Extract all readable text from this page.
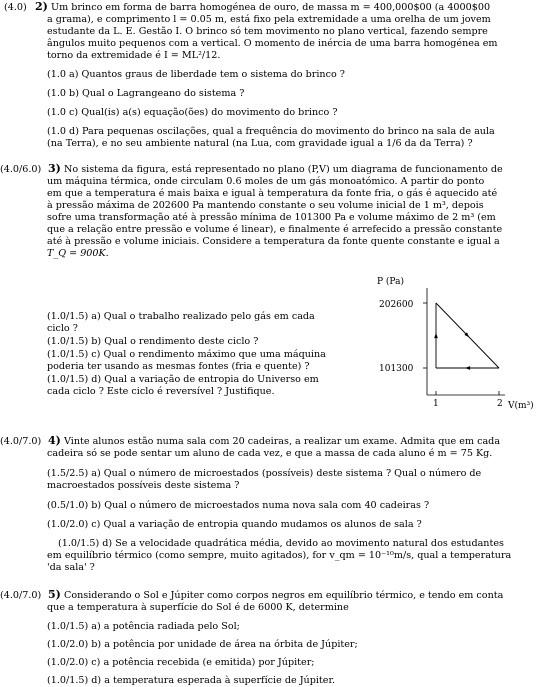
(4.0) 2) Um brinco em forma de barra homogénea de ouro, de massa m = 400,000$00 (a 4000$00
a grama), e comprimento l = 0.05 m, está fixo pela extremidade a uma orelha de um jovem
estudante da L. E. Gestão I. O brinco só tem movimento no plano vertical, fazendo sempre
ângulos muito pequenos com a vertical. O momento de inércia de uma barra homogénea em
torno da extremidade é I = ML²/12.
(1.0 a) Quantos graus de liberdade tem o sistema do brinco ?
(1.0 b) Qual o Lagrangeano do sistema ?
(1.0 c) Qual(is) a(s) equação(ões) do movimento do brinco ?
(1.0 d) Para pequenas oscilações, qual a frequência do movimento do brinco na sala de aula
(na Terra), e no seu ambiente natural (na Lua, com gravidade igual a 1/6 da da Terra) ?
(4.0/6.0) 3) No sistema da figura, está representado no plano (P,V) um diagrama de funcionamento de
um máquina térmica, onde circulam 0.6 moles de um gás monoatómico. A partir do ponto
em que a temperatura é mais baixa e igual à temperatura da fonte fria, o gás é aquecido até
à pressão máxima de 202600 Pa mantendo constante o seu volume inicial de 1 m³, depois
sofre uma transformação até à pressão mínima de 101300 Pa e volume máximo de 2 m³ (em
que a relação entre pressão e volume é linear), e finalmente é arrefecido a pressão constante
até à pressão e volume iniciais. Considere a temperatura da fonte quente constante e igual a
T_Q = 900K.
(1.0/1.5) a) Qual o trabalho realizado pelo gás em cada
ciclo ?
(1.0/1.5) b) Qual o rendimento deste ciclo ?
(1.0/1.5) c) Qual o rendimento máximo que uma máquina
poderia ter usando as mesmas fontes (fria e quente) ?
(1.0/1.5) d) Qual a variação de entropia do Universo em
cada ciclo ? Este ciclo é reversível ? Justifique.
P (Pa)
202600
101300
1	2 V(m³)
(4.0/7.0) 4) Vinte alunos estão numa sala com 20 cadeiras, a realizar um exame. Admita que em cada
cadeira só se pode sentar um aluno de cada vez, e que a massa de cada aluno é m = 75 Kg.
(1.5/2.5) a) Qual o número de microestados (possíveis) deste sistema ? Qual o número de
macroestados possíveis deste sistema ?
(0.5/1.0) b) Qual o número de microestados numa nova sala com 40 cadeiras ?
(1.0/2.0) c) Qual a variação de entropia quando mudamos os alunos de sala ?
(1.0/1.5) d) Se a velocidade quadrática média, devido ao movimento natural dos estudantes
em equilíbrio térmico (como sempre, muito agitados), for v_qm = 10⁻¹⁰m/s, qual a temperatura
'da sala' ?
(4.0/7.0) 5) Considerando o Sol e Júpiter como corpos negros em equilíbrio térmico, e tendo em conta
que a temperatura à superfície do Sol é de 6000 K, determine
(1.0/1.5) a) a potência radiada pelo Sol;
(1.0/2.0) b) a potência por unidade de área na órbita de Júpiter;
(1.0/2.0) c) a potência recebida (e emitida) por Júpiter;
(1.0/1.5) d) a temperatura esperada à superfície de Júpiter.
